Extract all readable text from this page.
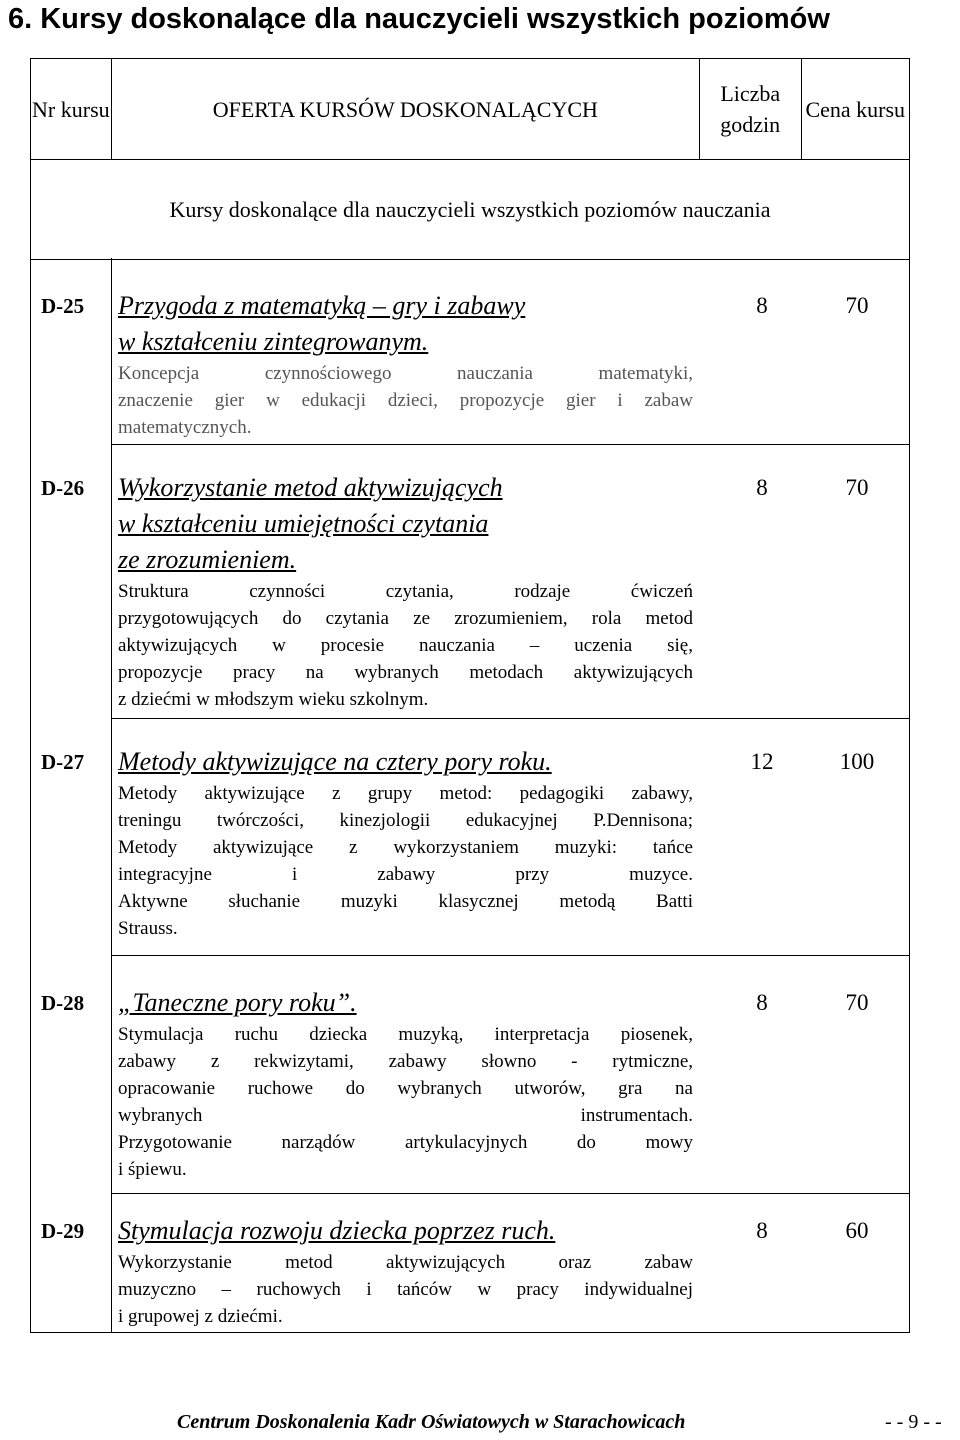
6. Kursy doskonalące dla nauczycieli wszystkich poziomów
Nr kursu	OFERTA KURSÓW DOSKONALĄCYCH	Liczba godzin	Cena kursu
Kursy doskonalące dla nauczycieli wszystkich poziomów nauczania
D-25 Przygoda z matematyką – gry i zabawy
w kształceniu zintegrowanym.
Koncepcja czynnościowego nauczania matematyki,
znaczenie gier w edukacji dzieci, propozycje gier i zabaw
matematycznych.
8	70
D-26 Wykorzystanie metod aktywizujących
w kształceniu umiejętności czytania
ze zrozumieniem.
Struktura czynności czytania, rodzaje ćwiczeń
przygotowujących do czytania ze zrozumieniem, rola metod
aktywizujących w procesie nauczania – uczenia się,
propozycje pracy na wybranych metodach aktywizujących
z dziećmi w młodszym wieku szkolnym.
8	70
D-27 Metody aktywizujące na cztery pory roku.
Metody aktywizujące z grupy metod: pedagogiki zabawy,
treningu twórczości, kinezjologii edukacyjnej P.Dennisona;
Metody aktywizujące z wykorzystaniem muzyki: tańce
integracyjne i zabawy przy muzyce.
Aktywne słuchanie muzyki klasycznej metodą Batti
Strauss.
12	100
D-28 „Taneczne pory roku”.
Stymulacja ruchu dziecka muzyką, interpretacja piosenek,
zabawy z rekwizytami, zabawy słowno - rytmiczne,
opracowanie ruchowe do wybranych utworów, gra na
wybranych instrumentach.
Przygotowanie narządów artykulacyjnych do mowy
i śpiewu.
8	70
D-29 Stymulacja rozwoju dziecka poprzez ruch.
Wykorzystanie metod aktywizujących oraz zabaw
muzyczno – ruchowych i tańców w pracy indywidualnej
i grupowej z dziećmi.
8	60
Centrum Doskonalenia Kadr Oświatowych w Starachowicach	- - 9 - -
